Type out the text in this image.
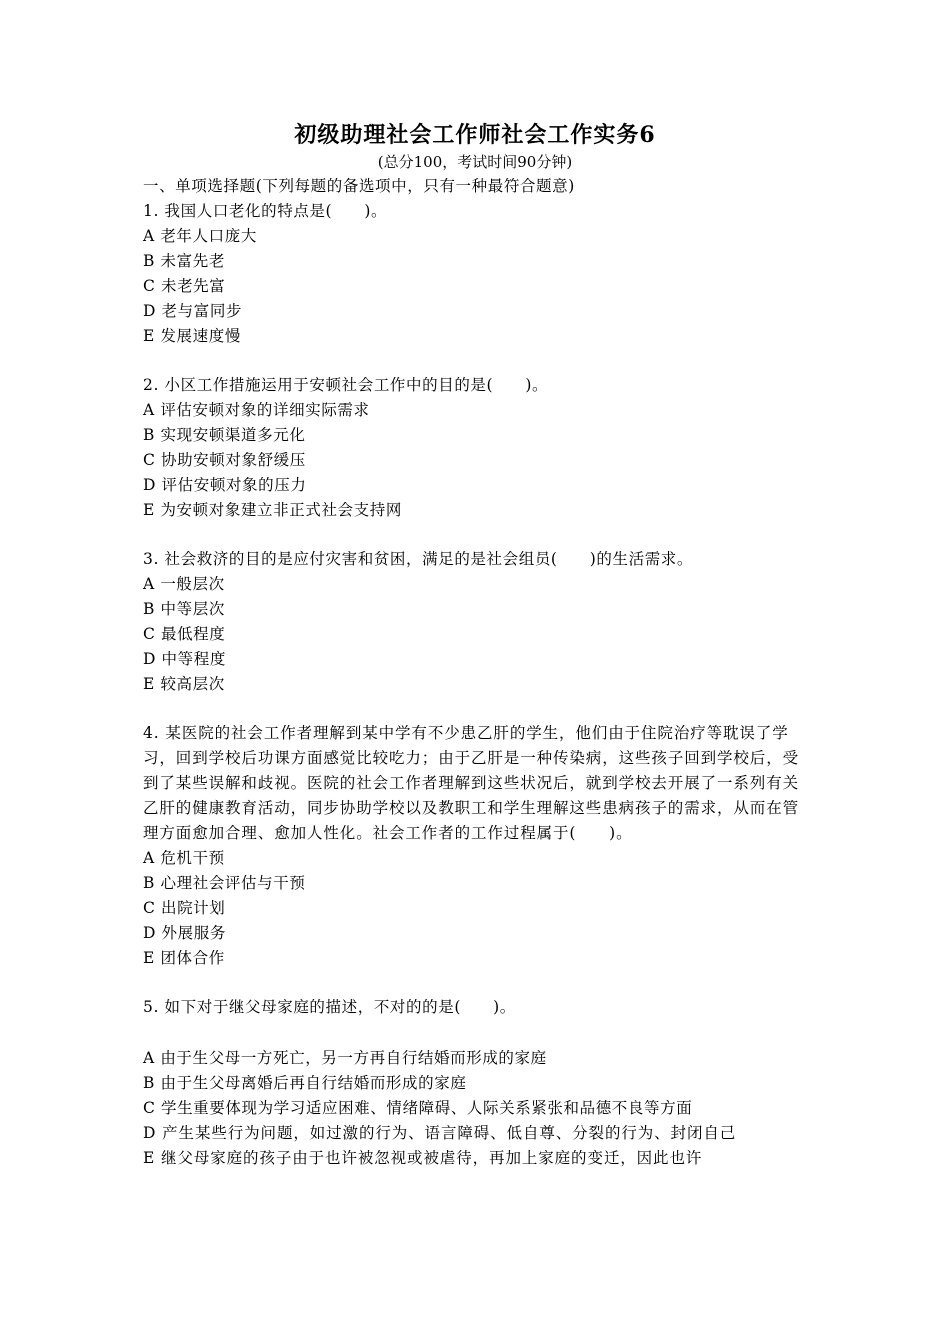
初级助理社会工作师社会工作实务6
(总分100，考试时间90分钟)
一、单项选择题(下列每题的备选项中，只有一种最符合题意)
1. 我国人口老化的特点是(　　)。
A 老年人口庞大
B 未富先老
C 未老先富
D 老与富同步
E 发展速度慢
2. 小区工作措施运用于安顿社会工作中的目的是(　　)。
A 评估安顿对象的详细实际需求
B 实现安顿渠道多元化
C 协助安顿对象舒缓压
D 评估安顿对象的压力
E 为安顿对象建立非正式社会支持网
3. 社会救济的目的是应付灾害和贫困，满足的是社会组员(　　)的生活需求。
A 一般层次
B 中等层次
C 最低程度
D 中等程度
E 较高层次
4. 某医院的社会工作者理解到某中学有不少患乙肝的学生，他们由于住院治疗等耽误了学习，回到学校后功课方面感觉比较吃力；由于乙肝是一种传染病，这些孩子回到学校后，受到了某些误解和歧视。医院的社会工作者理解到这些状况后，就到学校去开展了一系列有关乙肝的健康教育活动，同步协助学校以及教职工和学生理解这些患病孩子的需求，从而在管理方面愈加合理、愈加人性化。社会工作者的工作过程属于(　　)。
A 危机干预
B 心理社会评估与干预
C 出院计划
D 外展服务
E 团体合作
5. 如下对于继父母家庭的描述，不对的的是(　　)。
A 由于生父母一方死亡，另一方再自行结婚而形成的家庭
B 由于生父母离婚后再自行结婚而形成的家庭
C 学生重要体现为学习适应困难、情绪障碍、人际关系紧张和品德不良等方面
D 产生某些行为问题，如过激的行为、语言障碍、低自尊、分裂的行为、封闭自己
E 继父母家庭的孩子由于也许被忽视或被虐待，再加上家庭的变迁，因此也许
